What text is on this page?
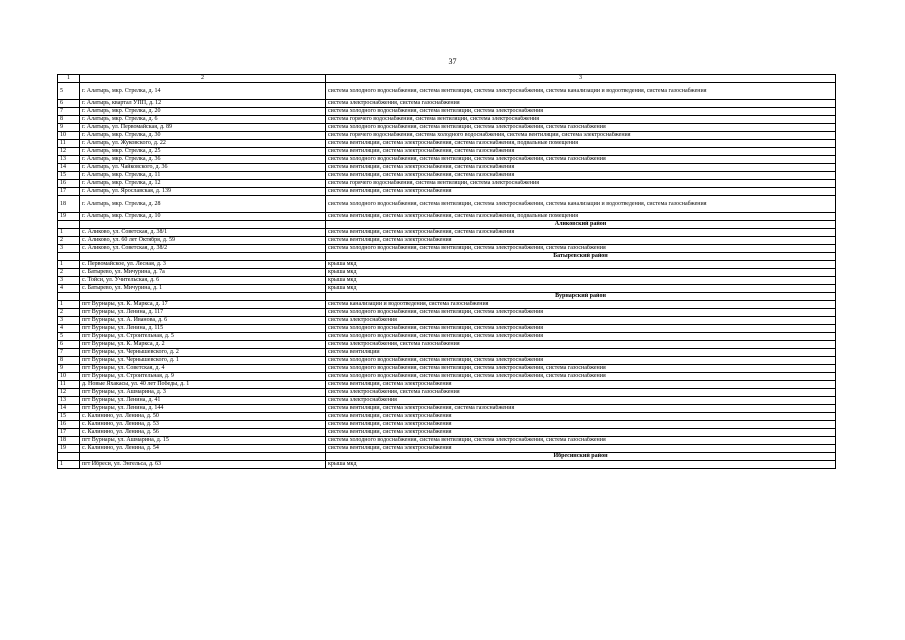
37
1	2	3
5	г. Алатырь, мкр. Стрелка, д. 14	система холодного водоснабжения, система вентиляции, система электроснабжения, система канализации и водоотведения, система газоснабжения
6	г. Алатырь, квартал УПП, д. 12	система электроснабжения, система газоснабжения
7	г. Алатырь, мкр. Стрелка, д. 20	система холодного водоснабжения, система вентиляции, система электроснабжения
8	г. Алатырь, мкр. Стрелка, д. 6	система горячего водоснабжения, система вентиляции, система электроснабжения
9	г. Алатырь, ул. Первомайская, д. 89	система холодного водоснабжения, система вентиляции, система электроснабжения, система газоснабжения
10	г. Алатырь, мкр. Стрелка, д. 30	система горячего водоснабжения, система холодного водоснабжения, система вентиляции, система электроснабжения
11	г. Алатырь, ул. Жуковского, д. 22	система вентиляции, система электроснабжения, система газоснабжения, подвальные помещения
12	г. Алатырь, мкр. Стрелка, д. 25	система вентиляции, система электроснабжения, система газоснабжения
13	г. Алатырь, мкр. Стрелка, д. 36	система холодного водоснабжения, система вентиляции, система электроснабжения, система газоснабжения
14	г. Алатырь, ул. Чайковского, д. 36	система вентиляции, система электроснабжения, система газоснабжения
15	г. Алатырь, мкр. Стрелка, д. 11	система вентиляции, система электроснабжения, система газоснабжения
16	г. Алатырь, мкр. Стрелка, д. 12	система горячего водоснабжения, система вентиляции, система электроснабжения
17	г. Алатырь, ул. Ярославская, д. 139	система вентиляции, система электроснабжения
18	г. Алатырь, мкр. Стрелка, д. 28	система холодного водоснабжения, система вентиляции, система электроснабжения, система канализации и водоотведения, система газоснабжения
19	г. Алатырь, мкр. Стрелка, д. 10	система вентиляции, система электроснабжения, система газоснабжения, подвальные помещения
		Аликовский район
1	с. Аликово, ул. Советская, д. 38/1	система вентиляции, система электроснабжения, система газоснабжения
2	с. Аликово, ул. 60 лет Октября, д. 59	система вентиляции, система электроснабжения
3	с. Аликово, ул. Советская, д. 38/2	система холодного водоснабжения, система вентиляции, система электроснабжения, система газоснабжения
		Батыревский район
1	с. Первомайское, ул. Лесная, д. 3	крыша мкд
2	с. Батырево, ул. Мичурина, д. 7а	крыша мкд
3	с. Тойси, ул. Учительская, д. 6	крыша мкд
4	с. Батырево, ул. Мичурина, д. 1	крыша мкд
		Вурнарский район
1	пгт Вурнары, ул. К. Маркса, д. 17	система канализации и водоотведения, система газоснабжения
2	пгт Вурнары, ул. Ленина, д. 117	система холодного водоснабжения, система вентиляции, система электроснабжения
3	пгт Вурнары, ул. А. Иванова, д. 6	система электроснабжения
4	пгт Вурнары, ул. Ленина, д. 115	система холодного водоснабжения, система вентиляции, система электроснабжения
5	пгт Вурнары, ул. Строительная, д. 5	система холодного водоснабжения, система вентиляции, система электроснабжения
6	пгт Вурнары, ул. К. Маркса, д. 2	система электроснабжения, система газоснабжения
7	пгт Вурнары, ул. Чернышевского, д. 2	система вентиляции
8	пгт Вурнары, ул. Чернышевского, д. 1	система холодного водоснабжения, система вентиляции, система электроснабжения
9	пгт Вурнары, ул. Советская, д. 4	система холодного водоснабжения, система вентиляции, система электроснабжения, система газоснабжения
10	пгт Вурнары, ул. Строительная, д. 9	система холодного водоснабжения, система вентиляции, система электроснабжения, система газоснабжения
11	д. Новые Яхакасы, ул. 40 лет Победы, д. 1	система вентиляции, система электроснабжения
12	пгт Вурнары, ул. Ашмарина, д. 3	система электроснабжения, система газоснабжения
13	пгт Вурнары, ул. Ленина, д. 41	система электроснабжения
14	пгт Вурнары, ул. Ленина, д. 144	система вентиляции, система электроснабжения, система газоснабжения
15	с. Калинино, ул. Ленина, д. 50	система вентиляции, система электроснабжения
16	с. Калинино, ул. Ленина, д. 53	система вентиляции, система электроснабжения
17	с. Калинино, ул. Ленина, д. 56	система вентиляции, система электроснабжения
18	пгт Вурнары, ул. Ашмарина, д. 15	система холодного водоснабжения, система вентиляции, система электроснабжения, система газоснабжения
19	с. Калинино, ул. Ленина, д. 54	система вентиляции, система электроснабжения
		Ибресинский район
1	пгт Ибреси, ул. Энгельса, д. 63	крыша мкд
